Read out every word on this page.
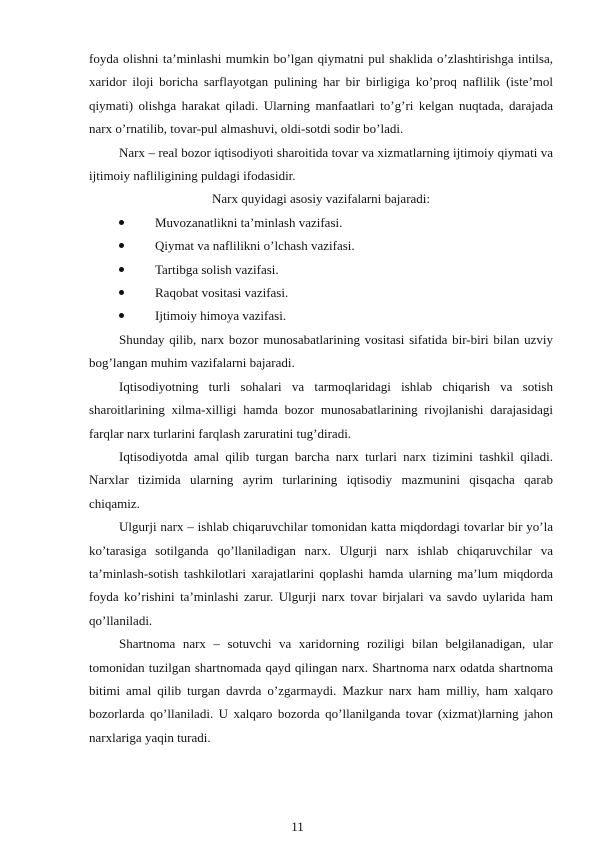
foyda olishni ta’minlashi mumkin bo’lgan qiymatni pul shaklida o’zlashtirishga intilsa, xaridor iloji boricha sarflayotgan pulining har bir birligiga ko’proq naflilik (iste’mol qiymati) olishga harakat qiladi. Ularning manfaatlari to’g’ri kelgan nuqtada, darajada narx o’rnatilib, tovar-pul almashuvi, oldi-sotdi sodir bo’ladi.

Narx – real bozor iqtisodiyoti sharoitida tovar va xizmatlarning ijtimoiy qiymati va ijtimoiy nafliligining puldagi ifodasidir.

Narx quyidagi asosiy vazifalarni bajaradi:

Muvozanatlikni ta’minlash vazifasi.
Qiymat va naflilikni o’lchash vazifasi.
Tartibga solish vazifasi.
Raqobat vositasi vazifasi.
Ijtimoiy himoya vazifasi.

Shunday qilib, narx bozor munosabatlarining vositasi sifatida bir-biri bilan uzviy bog’langan muhim vazifalarni bajaradi.

Iqtisodiyotning turli sohalari va tarmoqlaridagi ishlab chiqarish va sotish sharoitlarining xilma-xilligi hamda bozor munosabatlarining rivojlanishi darajasidagi farqlar narx turlarini farqlash zaruratini tug’diradi.

Iqtisodiyotda amal qilib turgan barcha narx turlari narx tizimini tashkil qiladi. Narxlar tizimida ularning ayrim turlarining iqtisodiy mazmunini qisqacha qarab chiqamiz.

Ulgurji narx – ishlab chiqaruvchilar tomonidan katta miqdordagi tovarlar bir yo’la ko’tarasiga sotilganda qo’llaniladigan narx. Ulgurji narx ishlab chiqaruvchilar va ta’minlash-sotish tashkilotlari xarajatlarini qoplashi hamda ularning ma’lum miqdorda foyda ko’rishini ta’minlashi zarur. Ulgurji narx tovar birjalari va savdo uylarida ham qo’llaniladi.

Shartnoma narx – sotuvchi va xaridorning roziligi bilan belgilanadigan, ular tomonidan tuzilgan shartnomada qayd qilingan narx. Shartnoma narx odatda shartnoma bitimi amal qilib turgan davrda o’zgarmaydi. Mazkur narx ham milliy, ham xalqaro bozorlarda qo’llaniladi. U xalqaro bozorda qo’llanilganda tovar (xizmat)larning jahon narxlariga yaqin turadi.

11
